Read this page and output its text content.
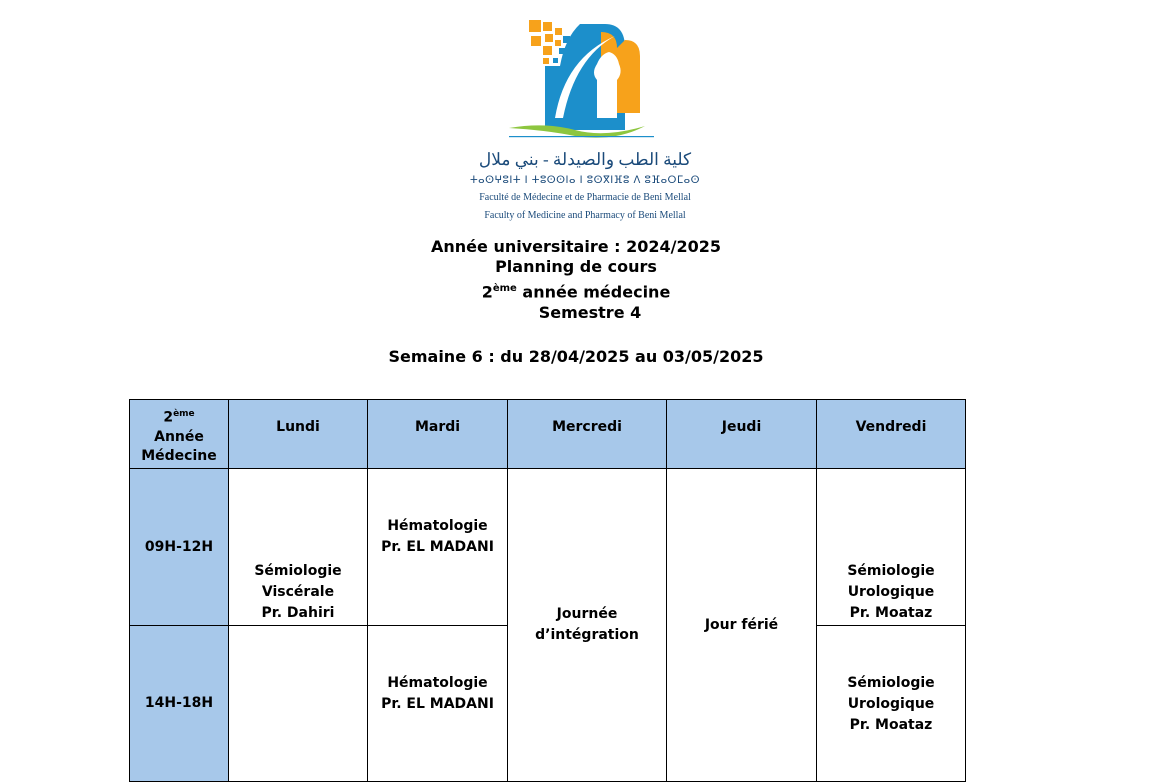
كلية الطب والصيدلة - بني ملال
ⵜⴰⵙⵖⵓⵏⵜ ⵏ ⵜⵓⵙⵙⵏⴰ ⵏ ⵓⵙⴳⵏⴼⵓ ⴷ ⵓⴼⴰⵔⵎⴰⵙ
Faculté de Médecine et de Pharmacie de Beni Mellal
Faculty of Medicine and Pharmacy of Beni Mellal
Année universitaire : 2024/2025
Planning de cours
2ème année médecine
Semestre 4
Semaine 6 : du 28/04/2025 au 03/05/2025
2ème
Année
Médecine	Lundi	Mardi	Mercredi	Jeudi	Vendredi
09H-12H	Sémiologie
Viscérale
Pr. Dahiri	Hématologie
Pr. EL MADANI	Journée
d’intégration	Jour férié	Sémiologie
Urologique
Pr. Moataz

14H-18H		Hématologie
Pr. EL MADANI			Sémiologie
Urologique
Pr. Moataz
